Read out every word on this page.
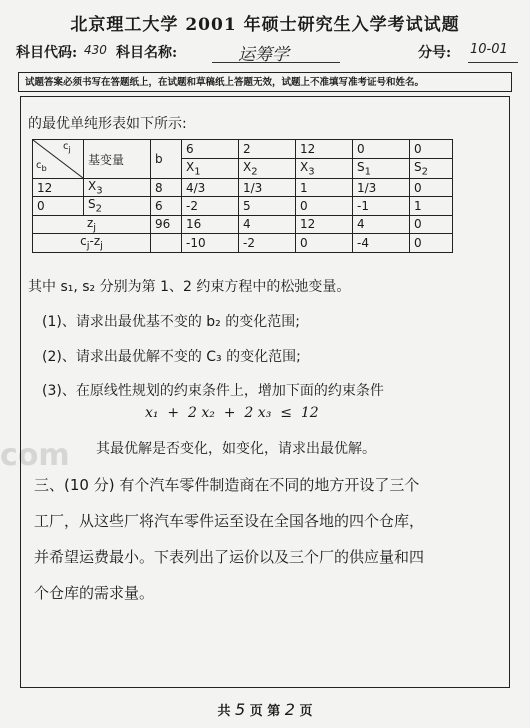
com
北京理工大学 2001 年硕士研究生入学考试试题
科目代码: 430 科目名称:	运筹学	分号: 10-01
试题答案必须书写在答题纸上，在试题和草稿纸上答题无效，试题上不准填写准考证号和姓名。
的最优单纯形表如下所示:
$c_j$
$c_b$	基变量	b	6	2	12	0	0
			$X_1$	$X_2$	$X_3$	$S_1$	$S_2$
12	$X_3$	8	4/3	1/3	1	1/3	0
0	$S_2$	6	-2	5	0	-1	1
$z_j$		96	16	4	12	4	0
$c_j-z_j$			-10	-2	0	-4	0
其中 s₁, s₂ 分别为第 1、2 约束方程中的松弛变量。
(1)、请求出最优基不变的 b₂ 的变化范围;
(2)、请求出最优解不变的 C₃ 的变化范围;
(3)、在原线性规划的约束条件上，增加下面的约束条件
x₁  +  2 x₂  +  2 x₃  ≤  12
其最优解是否变化，如变化，请求出最优解。
三、(10 分) 有个汽车零件制造商在不同的地方开设了三个
工厂，从这些厂将汽车零件运至设在全国各地的四个仓库，
并希望运费最小。下表列出了运价以及三个厂的供应量和四
个仓库的需求量。
共 5 页 第 2 页
